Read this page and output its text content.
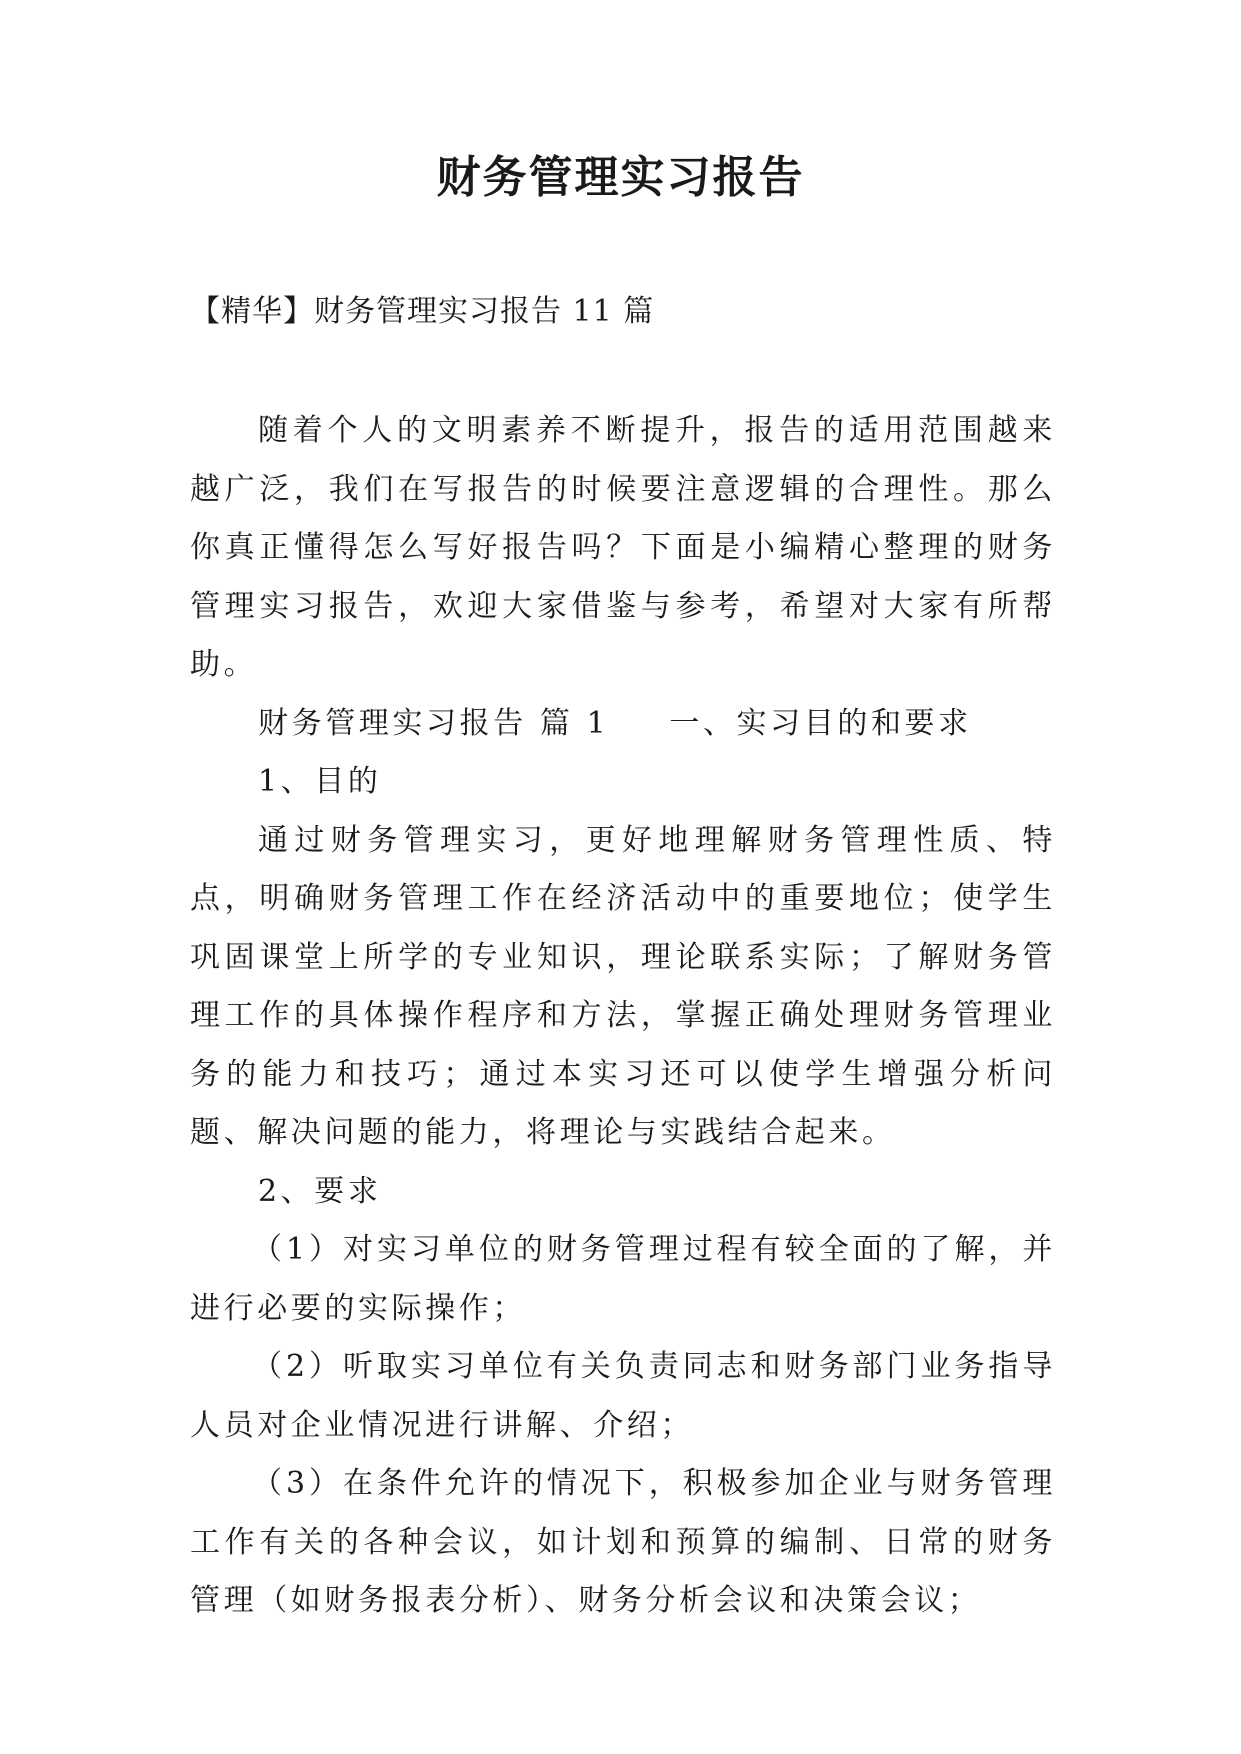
财务管理实习报告
【精华】财务管理实习报告 11 篇

随着个人的文明素养不断提升，报告的适用范围越来越广泛，我们在写报告的时候要注意逻辑的合理性。那么你真正懂得怎么写好报告吗？下面是小编精心整理的财务管理实习报告，欢迎大家借鉴与参考，希望对大家有所帮助。

财务管理实习报告 篇 1 一、实习目的和要求

1、目的

通过财务管理实习，更好地理解财务管理性质、特点，明确财务管理工作在经济活动中的重要地位；使学生巩固课堂上所学的专业知识，理论联系实际；了解财务管理工作的具体操作程序和方法，掌握正确处理财务管理业务的能力和技巧；通过本实习还可以使学生增强分析问题、解决问题的能力，将理论与实践结合起来。

2、要求

（1）对实习单位的财务管理过程有较全面的了解，并进行必要的实际操作；

（2）听取实习单位有关负责同志和财务部门业务指导人员对企业情况进行讲解、介绍；

（3）在条件允许的情况下，积极参加企业与财务管理工作有关的各种会议，如计划和预算的编制、日常的财务管理（如财务报表分析）、财务分析会议和决策会议；
